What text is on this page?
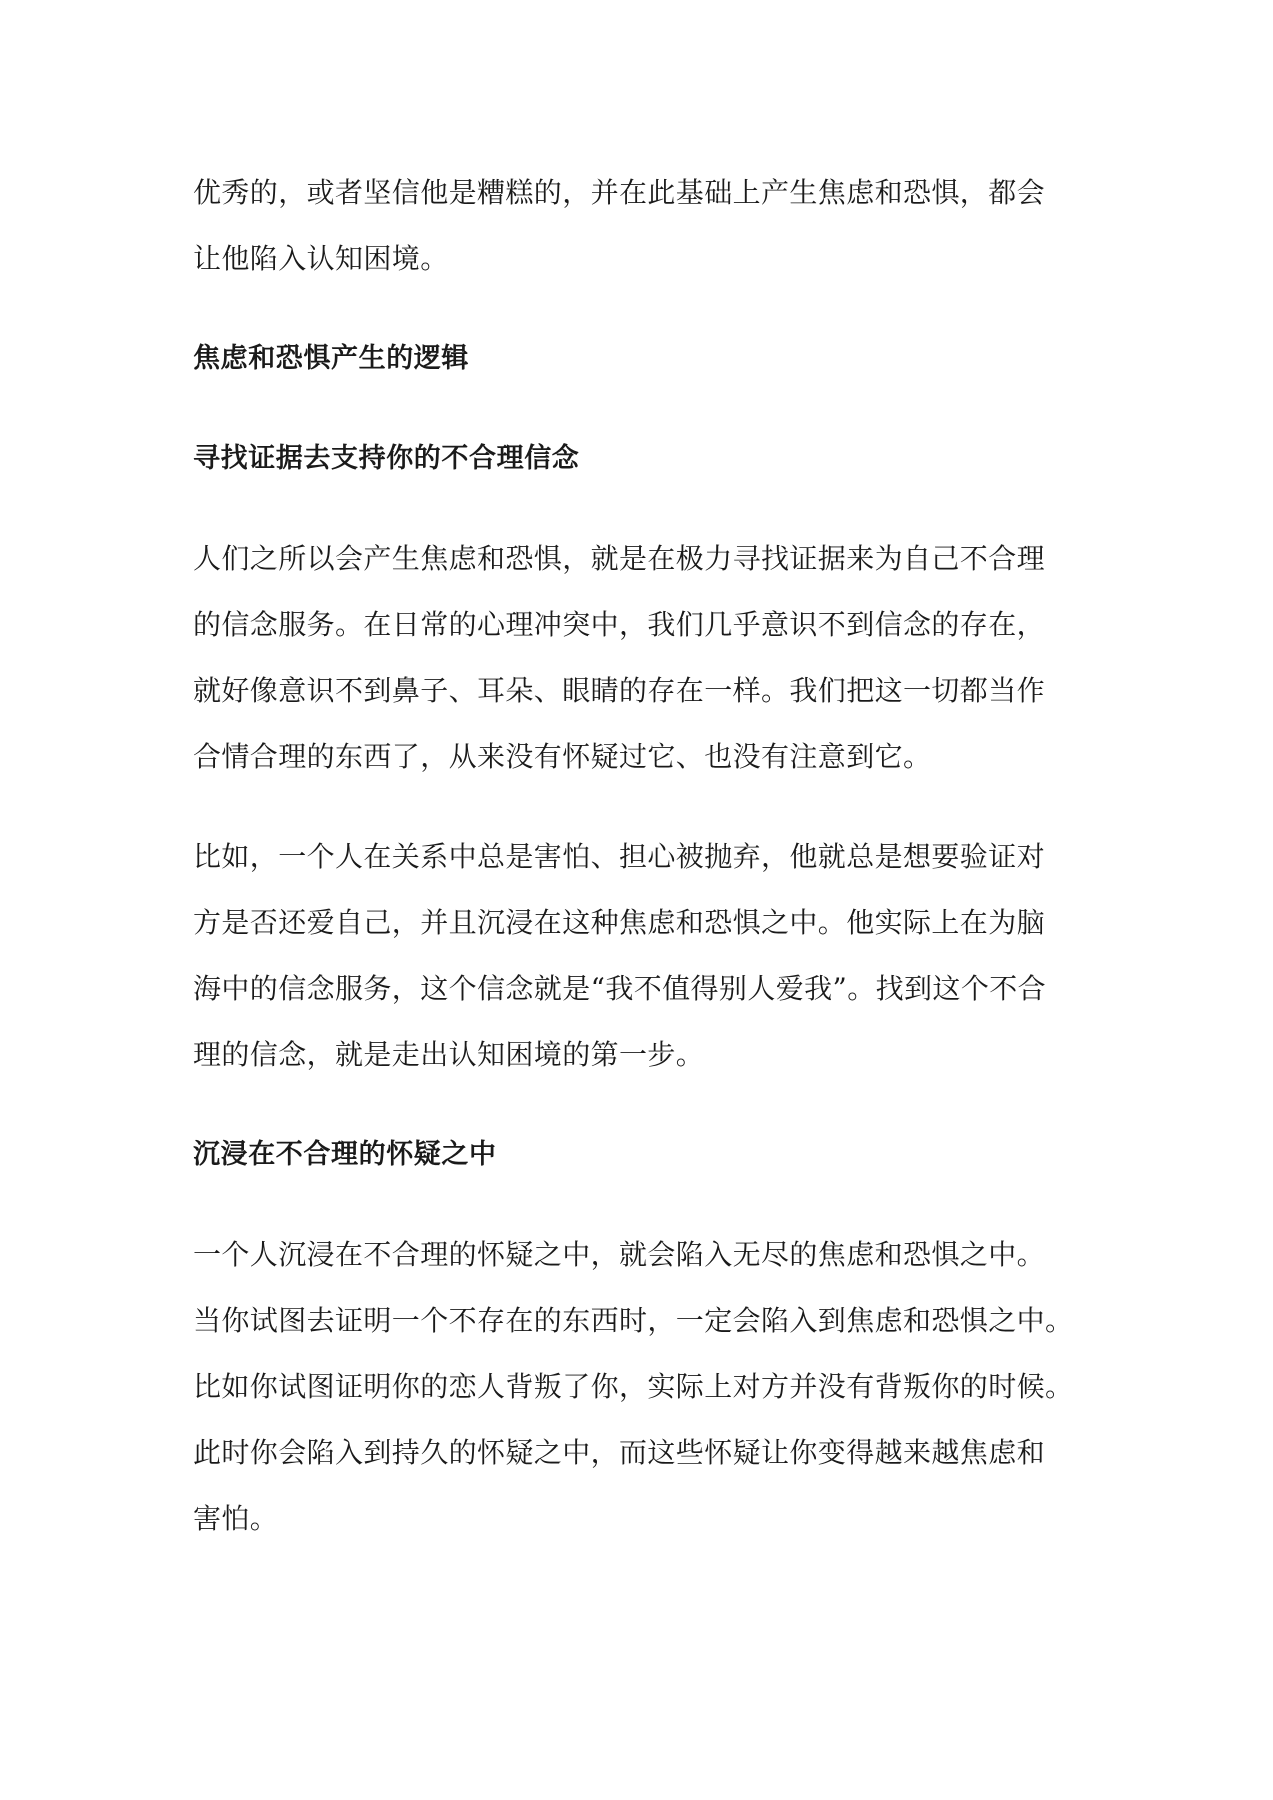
优秀的，或者坚信他是糟糕的，并在此基础上产生焦虑和恐惧，都会
让他陷入认知困境。

焦虑和恐惧产生的逻辑
寻找证据去支持你的不合理信念

人们之所以会产生焦虑和恐惧，就是在极力寻找证据来为自己不合理
的信念服务。在日常的心理冲突中，我们几乎意识不到信念的存在，
就好像意识不到鼻子、耳朵、眼睛的存在一样。我们把这一切都当作
合情合理的东西了，从来没有怀疑过它、也没有注意到它。

比如，一个人在关系中总是害怕、担心被抛弃，他就总是想要验证对
方是否还爱自己，并且沉浸在这种焦虑和恐惧之中。他实际上在为脑
海中的信念服务，这个信念就是“我不值得别人爱我”。找到这个不合
理的信念，就是走出认知困境的第一步。

沉浸在不合理的怀疑之中

一个人沉浸在不合理的怀疑之中，就会陷入无尽的焦虑和恐惧之中。
当你试图去证明一个不存在的东西时，一定会陷入到焦虑和恐惧之中。
比如你试图证明你的恋人背叛了你，实际上对方并没有背叛你的时候。
此时你会陷入到持久的怀疑之中，而这些怀疑让你变得越来越焦虑和
害怕。
